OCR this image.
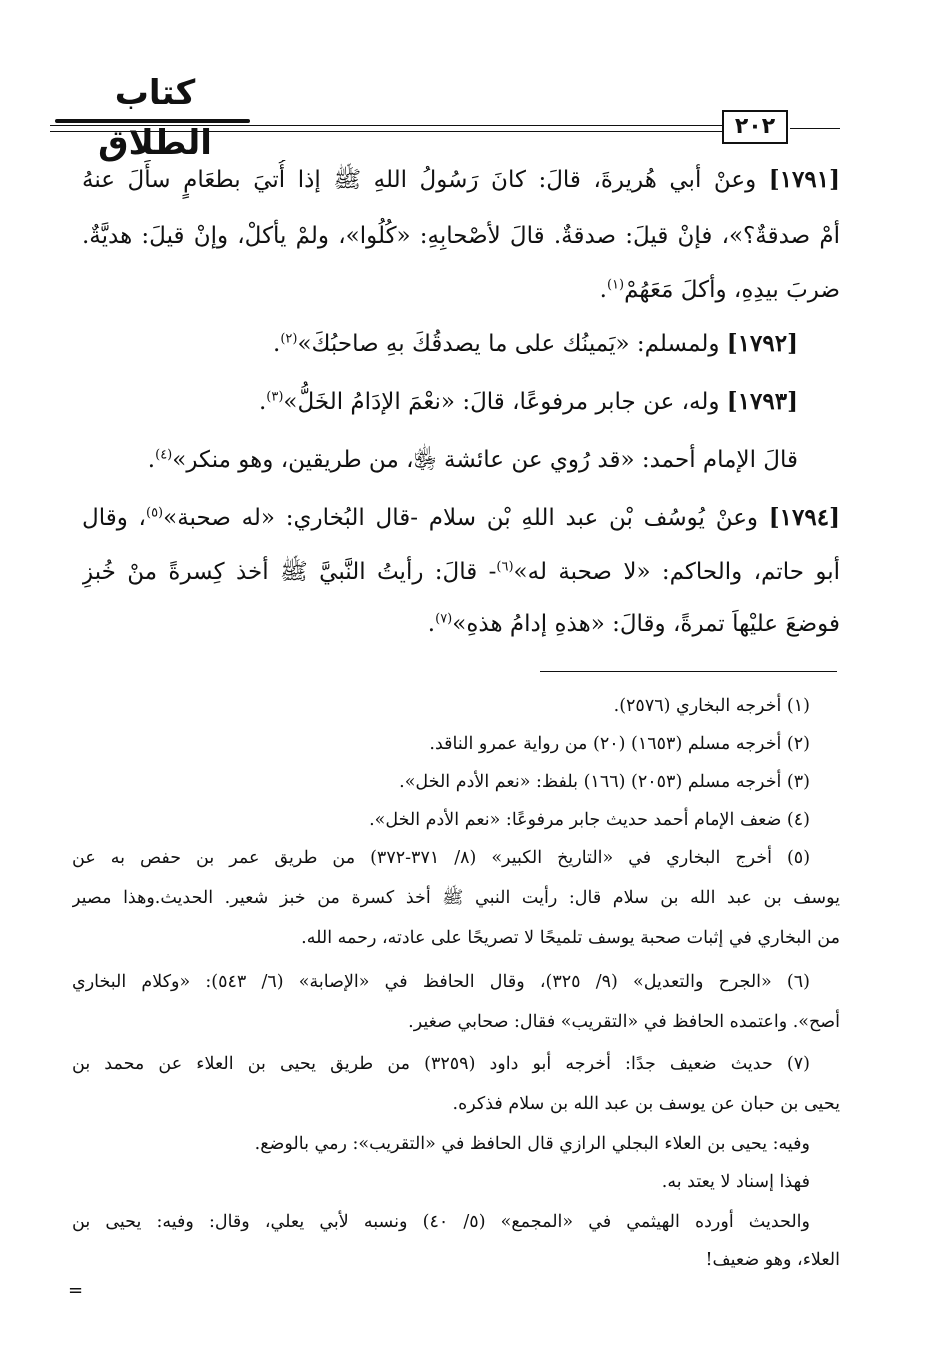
كتاب الطلاق	٢٠٢
[١٧٩١] وعنْ أبي هُريرةَ، قالَ: كانَ رَسُولُ اللهِ ﷺ إذا أُتيَ بطعَامٍ سأَلَ عنهُ
أمْ صدقةٌ؟»، فإنْ قيلَ: صدقةٌ. قالَ لأصْحابِهِ: «كُلُوا»، ولمْ يأكلْ، وإنْ قيلَ: هديَّةٌ.
ضربَ بيدِهِ، وأكلَ مَعَهُمْ$^{(١)}$.
[١٧٩٢] ولمسلم: «يَمينُك على ما يصدقُكَ بهِ صاحبُكَ»$^{(٢)}$.
[١٧٩٣] وله، عن جابر مرفوعًا، قالَ: «نعْمَ الإدَامُ الخَلُّ»$^{(٣)}$.
قالَ الإمام أحمد: «قد رُوي عن عائشة ﵂، من طريقين، وهو منكر»$^{(٤)}$.
[١٧٩٤] وعنْ يُوسُف بْن عبد اللهِ بْن سلام -قال البُخاري: «له صحبة»$^{(٥)}$، وقال
أبو حاتم، والحاكم: «لا صحبة له»$^{(٦)}$- قالَ: رأيتُ النَّبيَّ ﷺ أخذ كِسرةً منْ خُبزِ
فوضعَ عليْهاَ تمرةً، وقالَ: «هذهِ إدامُ هذهِ»$^{(٧)}$.
(١) أخرجه البخاري (٢٥٧٦).
(٢) أخرجه مسلم (١٦٥٣) (٢٠) من رواية عمرو الناقد.
(٣) أخرجه مسلم (٢٠٥٣) (١٦٦) بلفظ: «نعم الأدم الخل».
(٤) ضعف الإمام أحمد حديث جابر مرفوعًا: «نعم الأدم الخل».
(٥) أخرج البخاري في «التاريخ الكبير» (٨/ ٣٧١-٣٧٢) من طريق عمر بن حفص به عن
يوسف بن عبد الله بن سلام قال: رأيت النبي ﷺ أخذ كسرة من خبز شعير. الحديث.وهذا مصير
من البخاري في إثبات صحبة يوسف تلميحًا لا تصريحًا على عادته، رحمه الله.
(٦) «الجرح والتعديل» (٩/ ٣٢٥)، وقال الحافظ في «الإصابة» (٦/ ٥٤٣): «وكلام البخاري
أصح». واعتمده الحافظ في «التقريب» فقال: صحابي صغير.
(٧) حديث ضعيف جدًا: أخرجه أبو داود (٣٢٥٩) من طريق يحيى بن العلاء عن محمد بن
يحيى بن حبان عن يوسف بن عبد الله بن سلام فذكره.
وفيه: يحيى بن العلاء البجلي الرازي قال الحافظ في «التقريب»: رمي بالوضع.
فهذا إسناد لا يعتد به.
والحديث أورده الهيثمي في «المجمع» (٥/ ٤٠) ونسبه لأبي يعلي، وقال: وفيه: يحيى بن
العلاء، وهو ضعيف!
=
